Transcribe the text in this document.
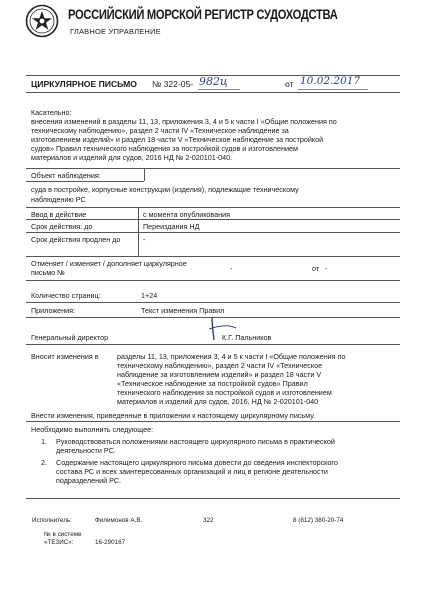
РОССИЙСКИЙ МОРСКОЙ РЕГИСТР СУДОХОДСТВА
ГЛАВНОЕ УПРАВЛЕНИЕ
ЦИРКУЛЯРНОЕ ПИСЬМО № 322-05- 982ц	от 10.02.2017
Касательно:
внесения изменений в разделы 11, 13, приложения 3, 4 и 5 к части I «Общие положения по
техническому наблюдению», раздел 2 части IV «Техническое наблюдение за
изготовлением изделий» и раздел 18 части V «Техническое наблюдение за постройкой
судов» Правил технического наблюдения за постройкой судов и изготовлением
материалов и изделий для судов, 2016 НД № 2-020101-040.
Объект наблюдения:
суда в постройке, корпусные конструкции (изделия), подлежащие техническому
наблюдению РС
Ввод в действие	с момента опубликования
Срок действия: до	Переиздания НД
Срок действия продлен до	-
Отменяет / изменяет / дополняет циркулярное письмо №	-	от -
Количество страниц:	1+24
Приложения:	Текст изменения Правил
Генеральный директор	К.Г. Пальников
Вносит изменения в	разделы 11, 13, приложения 3, 4 и 5 к части I «Общие положения по
техническому наблюдению», раздел 2 части IV «Техническое
наблюдение за изготовлением изделий» и раздел 18 части V
«Техническое наблюдение за постройкой судов» Правил
технического наблюдения за постройкой судов и изготовлением
материалов и изделий для судов, 2016, НД № 2-020101-040
Внести изменения, приведенные в приложении к настоящему циркулярному письму.
Необходимо выполнить следующее:
1. Руководствоваться положениями настоящего циркулярного письма в практической
деятельности РС.
2. Содержание настоящего циркулярного письма довести до сведения инспекторского
состава РС и всех заинтересованных организаций и лиц в регионе деятельности
подразделений РС.
Исполнитель:	Филимонов А.В.	322	8 (812) 380-20-74
№ в системе
«ТЕЗИС»:	16-290167
